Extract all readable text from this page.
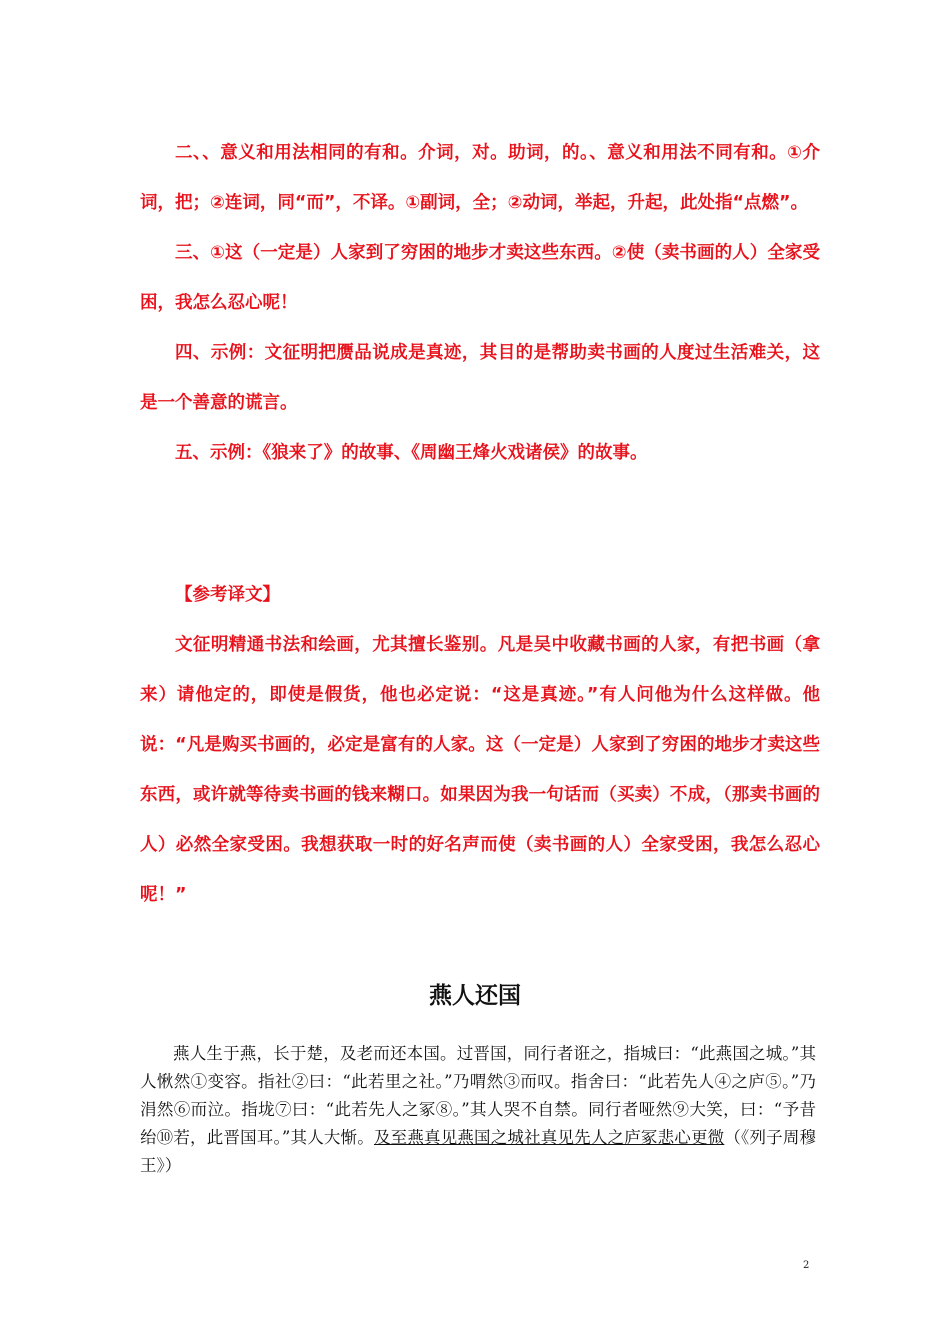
二、、意义和用法相同的有和。介词，对。助词，的。、意义和用法不同有和。①介词，把；②连词，同“而”，不译。①副词，全；②动词，举起，升起，此处指“点燃”。

三、①这（一定是）人家到了穷困的地步才卖这些东西。②使（卖书画的人）全家受困，我怎么忍心呢！

四、示例：文征明把赝品说成是真迹，其目的是帮助卖书画的人度过生活难关，这是一个善意的谎言。

五、示例：《狼来了》的故事、《周幽王烽火戏诸侯》的故事。

【参考译文】

文征明精通书法和绘画，尤其擅长鉴别。凡是吴中收藏书画的人家，有把书画（拿来）请他定的，即使是假货，他也必定说：“这是真迹。”有人问他为什么这样做。他说：“凡是购买书画的，必定是富有的人家。这（一定是）人家到了穷困的地步才卖这些东西，或许就等待卖书画的钱来糊口。如果因为我一句话而（买卖）不成，（那卖书画的人）必然全家受困。我想获取一时的好名声而使（卖书画的人）全家受困，我怎么忍心呢！”

燕人还国

燕人生于燕，长于楚，及老而还本国。过晋国，同行者诳之，指城曰：“此燕国之城。”其人愀然①变容。指社②曰：“此若里之社。”乃喟然③而叹。指舍曰：“此若先人④之庐⑤。”乃涓然⑥而泣。指垅⑦曰：“此若先人之冢⑧。”其人哭不自禁。同行者哑然⑨大笑，曰：“予昔绐⑩若，此晋国耳。”其人大惭。及至燕真见燕国之城社真见先人之庐冢悲心更微（《列子周穆王》）

2
